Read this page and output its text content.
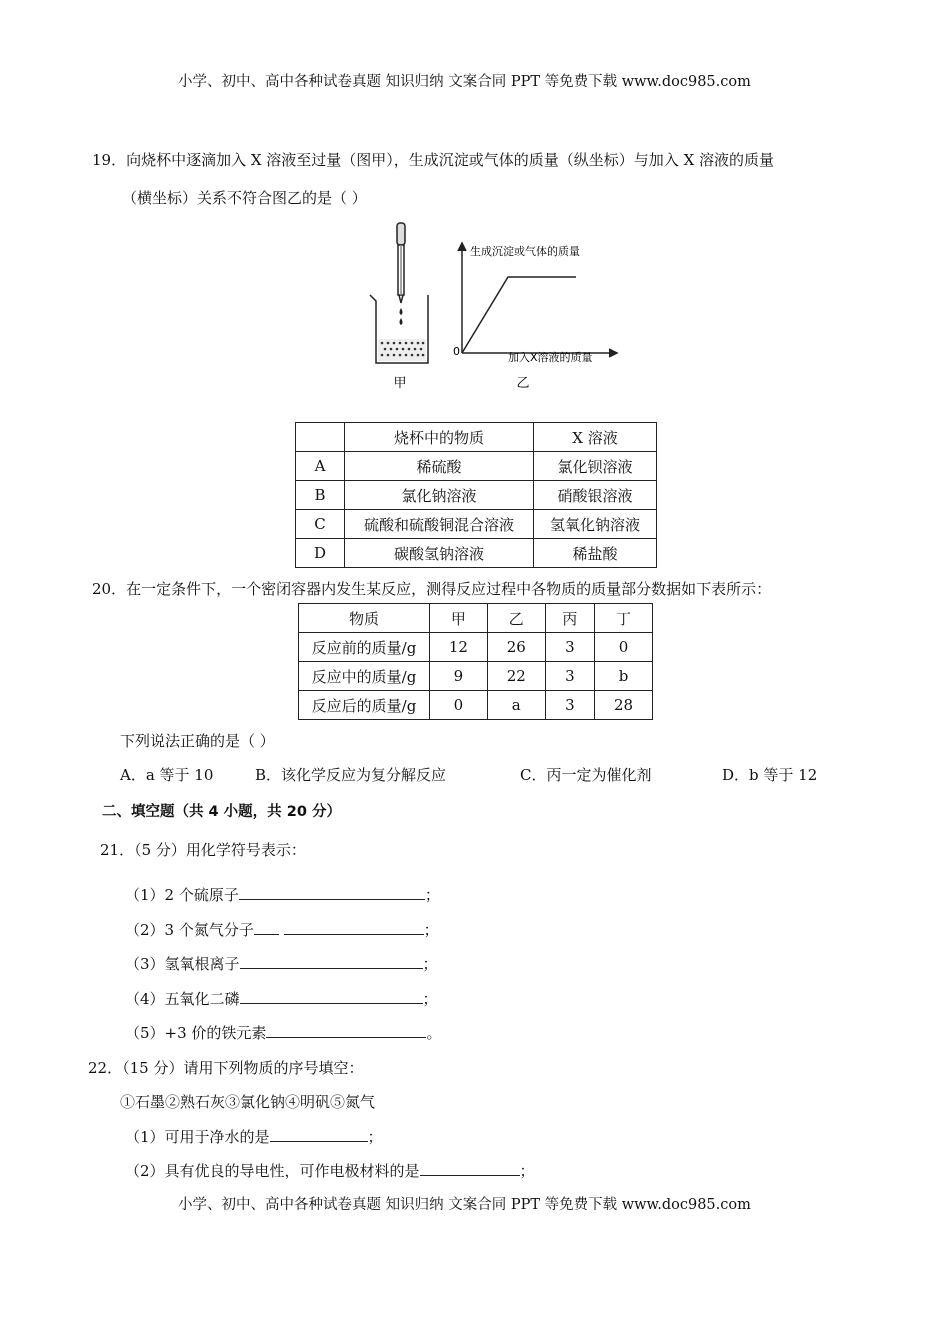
小学、初中、高中各种试卷真题 知识归纳 文案合同 PPT 等免费下载 www.doc985.com
19．向烧杯中逐滴加入 X 溶液至过量（图甲），生成沉淀或气体的质量（纵坐标）与加入 X 溶液的质量
（横坐标）关系不符合图乙的是（ ）
甲
生成沉淀或气体的质量
加入X溶液的质量
0
乙
	烧杯中的物质	X 溶液
A	稀硫酸	氯化钡溶液
B	氯化钠溶液	硝酸银溶液
C	硫酸和硫酸铜混合溶液	氢氧化钠溶液
D	碳酸氢钠溶液	稀盐酸
20．在一定条件下，一个密闭容器内发生某反应，测得反应过程中各物质的质量部分数据如下表所示：
物质	甲	乙	丙	丁
反应前的质量/g	12	26	3	0
反应中的质量/g	9	22	3	b
反应后的质量/g	0	a	3	28
下列说法正确的是（ ）
A．a 等于 10	B．该化学反应为复分解反应	C．丙一定为催化剂	D．b 等于 12
二、填空题（共 4 小题，共 20 分）
21．（5 分）用化学符号表示：
（1）2 个硫原子	；
（2）3 个氮气分子	；
（3）氢氧根离子	；
（4）五氧化二磷	；
（5）+3 价的铁元素	。
22．（15 分）请用下列物质的序号填空：
①石墨②熟石灰③氯化钠④明矾⑤氮气
（1）可用于净水的是	；
（2）具有优良的导电性，可作电极材料的是	；
小学、初中、高中各种试卷真题 知识归纳 文案合同 PPT 等免费下载 www.doc985.com
